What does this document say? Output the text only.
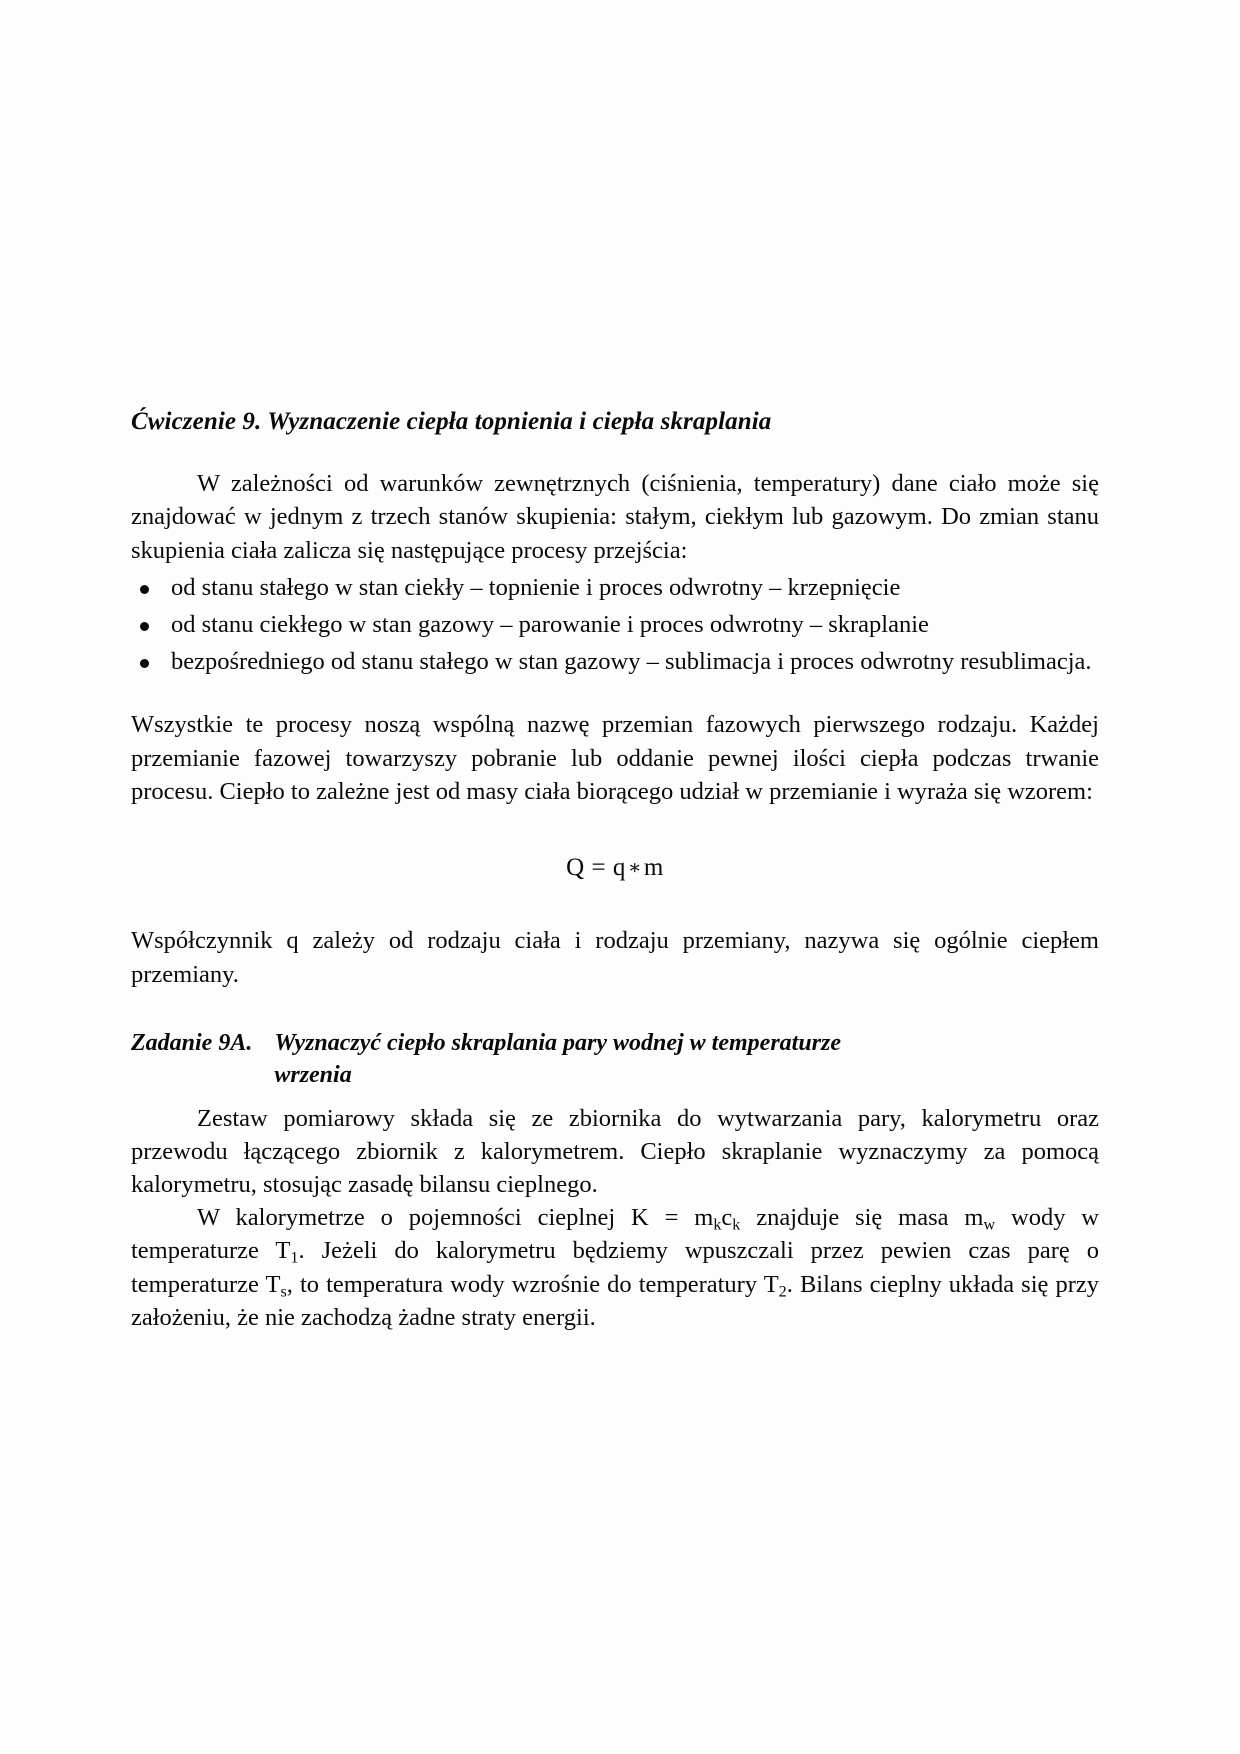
Ćwiczenie 9. Wyznaczenie ciepła topnienia i ciepła skraplania

W zależności od warunków zewnętrznych (ciśnienia, temperatury) dane ciało może się znajdować w jednym z trzech stanów skupienia: stałym, ciekłym lub gazowym. Do zmian stanu skupienia ciała zalicza się następujące procesy przejścia:

od stanu stałego w stan ciekły – topnienie i proces odwrotny – krzepnięcie
od stanu ciekłego w stan gazowy – parowanie i proces odwrotny – skraplanie
bezpośredniego od stanu stałego w stan gazowy – sublimacja i proces odwrotny resublimacja.

Wszystkie te procesy noszą wspólną nazwę przemian fazowych pierwszego rodzaju. Każdej przemianie fazowej towarzyszy pobranie lub oddanie pewnej ilości ciepła podczas trwanie procesu. Ciepło to zależne jest od masy ciała biorącego udział w przemianie i wyraża się wzorem:

Q = q ∗m

Współczynnik q zależy od rodzaju ciała i rodzaju przemiany, nazywa się ogólnie ciepłem przemiany.

Zadanie 9A. Wyznaczyć ciepło skraplania pary wodnej w temperaturze
wrzenia

Zestaw pomiarowy składa się ze zbiornika do wytwarzania pary, kalorymetru oraz przewodu łączącego zbiornik z kalorymetrem. Ciepło skraplanie wyznaczymy za pomocą kalorymetru, stosując zasadę bilansu cieplnego.

W kalorymetrze o pojemności cieplnej $K = m_kc_k$ znajduje się masa $m_w$ wody w temperaturze $T_1$. Jeżeli do kalorymetru będziemy wpuszczali przez pewien czas parę o temperaturze $T_s$, to temperatura wody wzrośnie do temperatury $T_2$. Bilans cieplny układa się przy założeniu, że nie zachodzą żadne straty energii.
